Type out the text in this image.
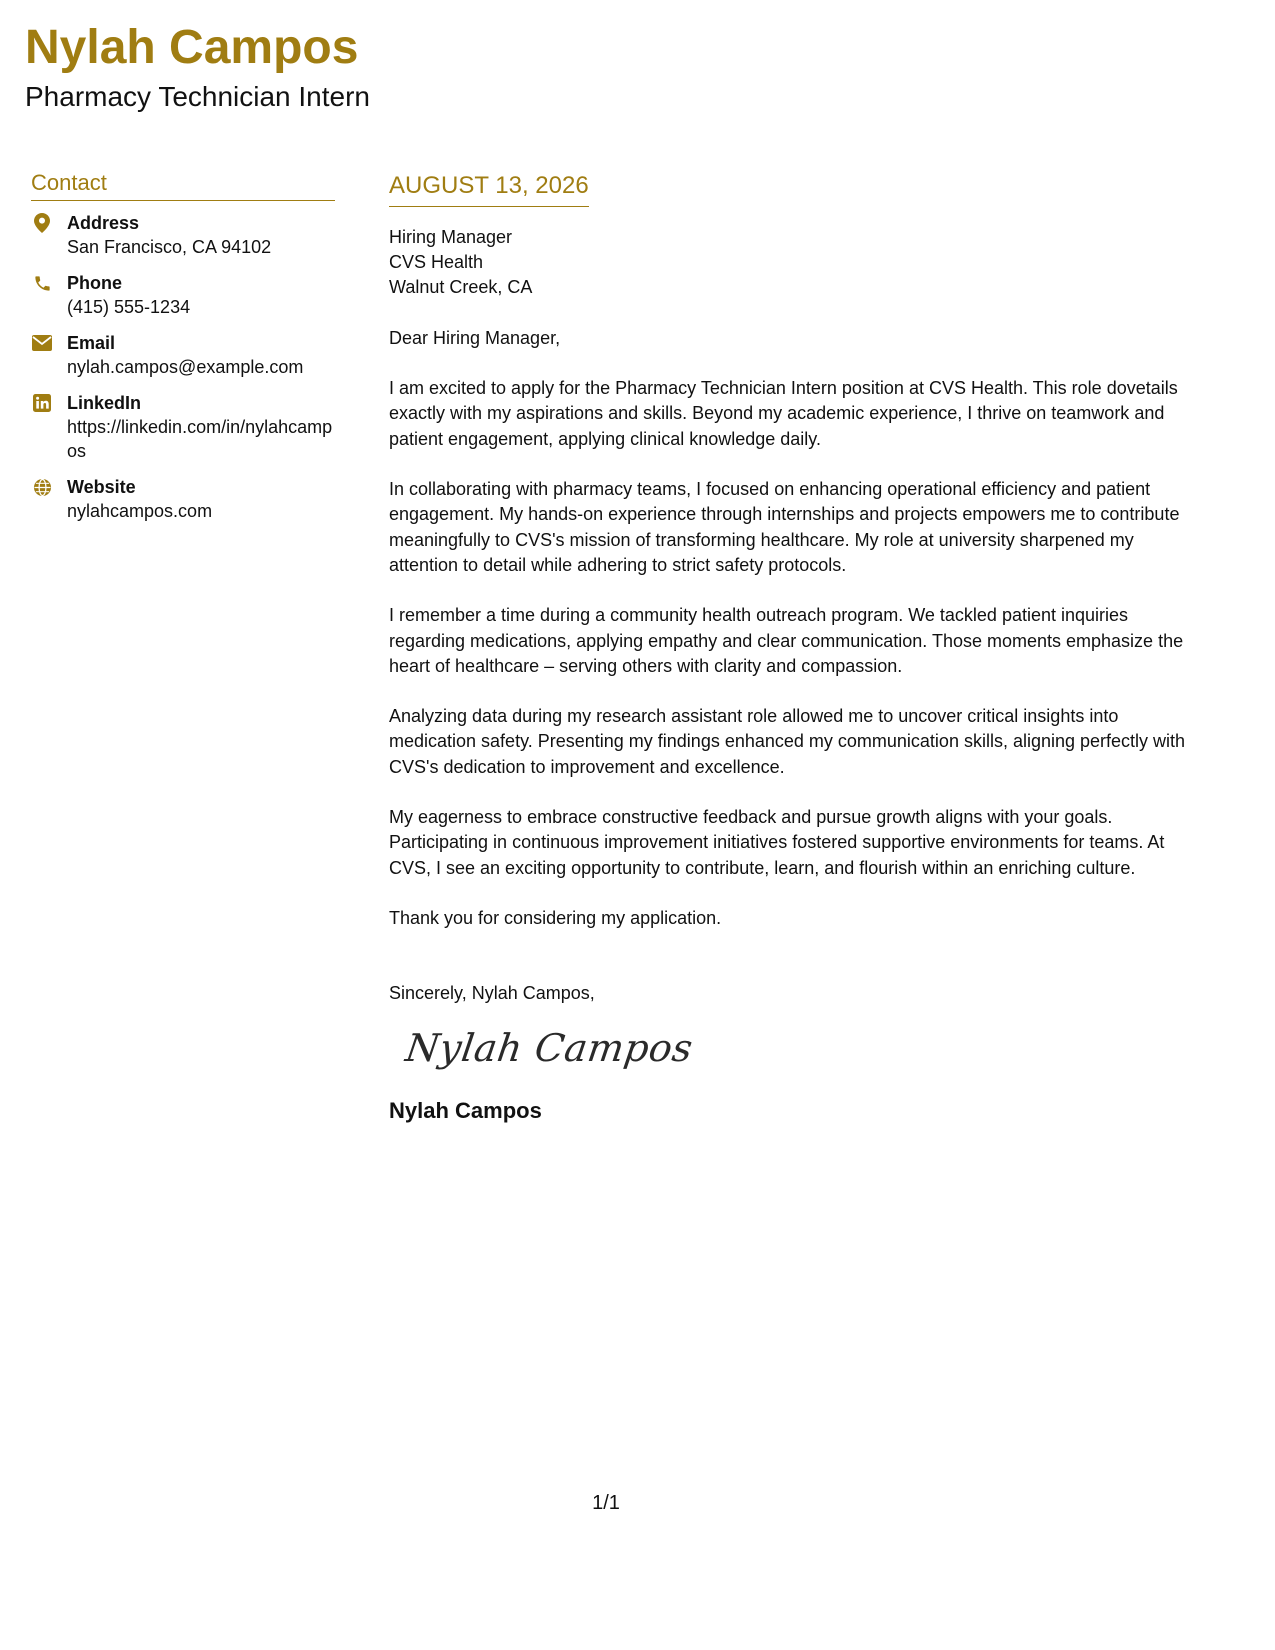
Nylah Campos
Pharmacy Technician Intern
Contact
Address
San Francisco, CA 94102
Phone
(415) 555-1234
Email
nylah.campos@example.com
LinkedIn
https://linkedin.com/in/nylahcampos
Website
nylahcampos.com
AUGUST 13, 2026
Hiring Manager
CVS Health
Walnut Creek, CA
Dear Hiring Manager,
I am excited to apply for the Pharmacy Technician Intern position at CVS Health. This role dovetails exactly with my aspirations and skills. Beyond my academic experience, I thrive on teamwork and patient engagement, applying clinical knowledge daily.
In collaborating with pharmacy teams, I focused on enhancing operational efficiency and patient engagement. My hands-on experience through internships and projects empowers me to contribute meaningfully to CVS's mission of transforming healthcare. My role at university sharpened my attention to detail while adhering to strict safety protocols.
I remember a time during a community health outreach program. We tackled patient inquiries regarding medications, applying empathy and clear communication. Those moments emphasize the heart of healthcare – serving others with clarity and compassion.
Analyzing data during my research assistant role allowed me to uncover critical insights into medication safety. Presenting my findings enhanced my communication skills, aligning perfectly with CVS's dedication to improvement and excellence.
My eagerness to embrace constructive feedback and pursue growth aligns with your goals. Participating in continuous improvement initiatives fostered supportive environments for teams. At CVS, I see an exciting opportunity to contribute, learn, and flourish within an enriching culture.
Thank you for considering my application.
Sincerely, Nylah Campos,
Nylah Campos
Nylah Campos
1/1
